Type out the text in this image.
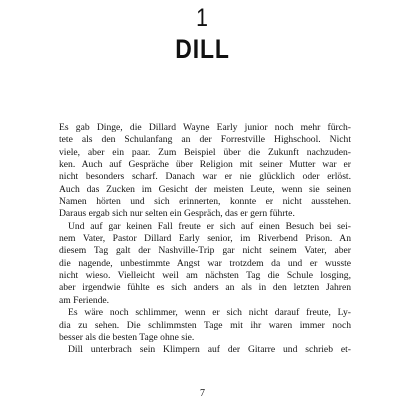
1
DILL
Es gab Dinge, die Dillard Wayne Early junior noch mehr fürch-
tete als den Schulanfang an der Forrestville Highschool. Nicht
viele, aber ein paar. Zum Beispiel über die Zukunft nachzuden-
ken. Auch auf Gespräche über Religion mit seiner Mutter war er
nicht besonders scharf. Danach war er nie glücklich oder erlöst.
Auch das Zucken im Gesicht der meisten Leute, wenn sie seinen
Namen hörten und sich erinnerten, konnte er nicht ausstehen.
Daraus ergab sich nur selten ein Gespräch, das er gern führte.
Und auf gar keinen Fall freute er sich auf einen Besuch bei sei-
nem Vater, Pastor Dillard Early senior, im Riverbend Prison. An
diesem Tag galt der Nashville-Trip gar nicht seinem Vater, aber
die nagende, unbestimmte Angst war trotzdem da und er wusste
nicht wieso. Vielleicht weil am nächsten Tag die Schule losging,
aber irgendwie fühlte es sich anders an als in den letzten Jahren
am Feriende.
Es wäre noch schlimmer, wenn er sich nicht darauf freute, Ly-
dia zu sehen. Die schlimmsten Tage mit ihr waren immer noch
besser als die besten Tage ohne sie.
Dill unterbrach sein Klimpern auf der Gitarre und schrieb et-
7
